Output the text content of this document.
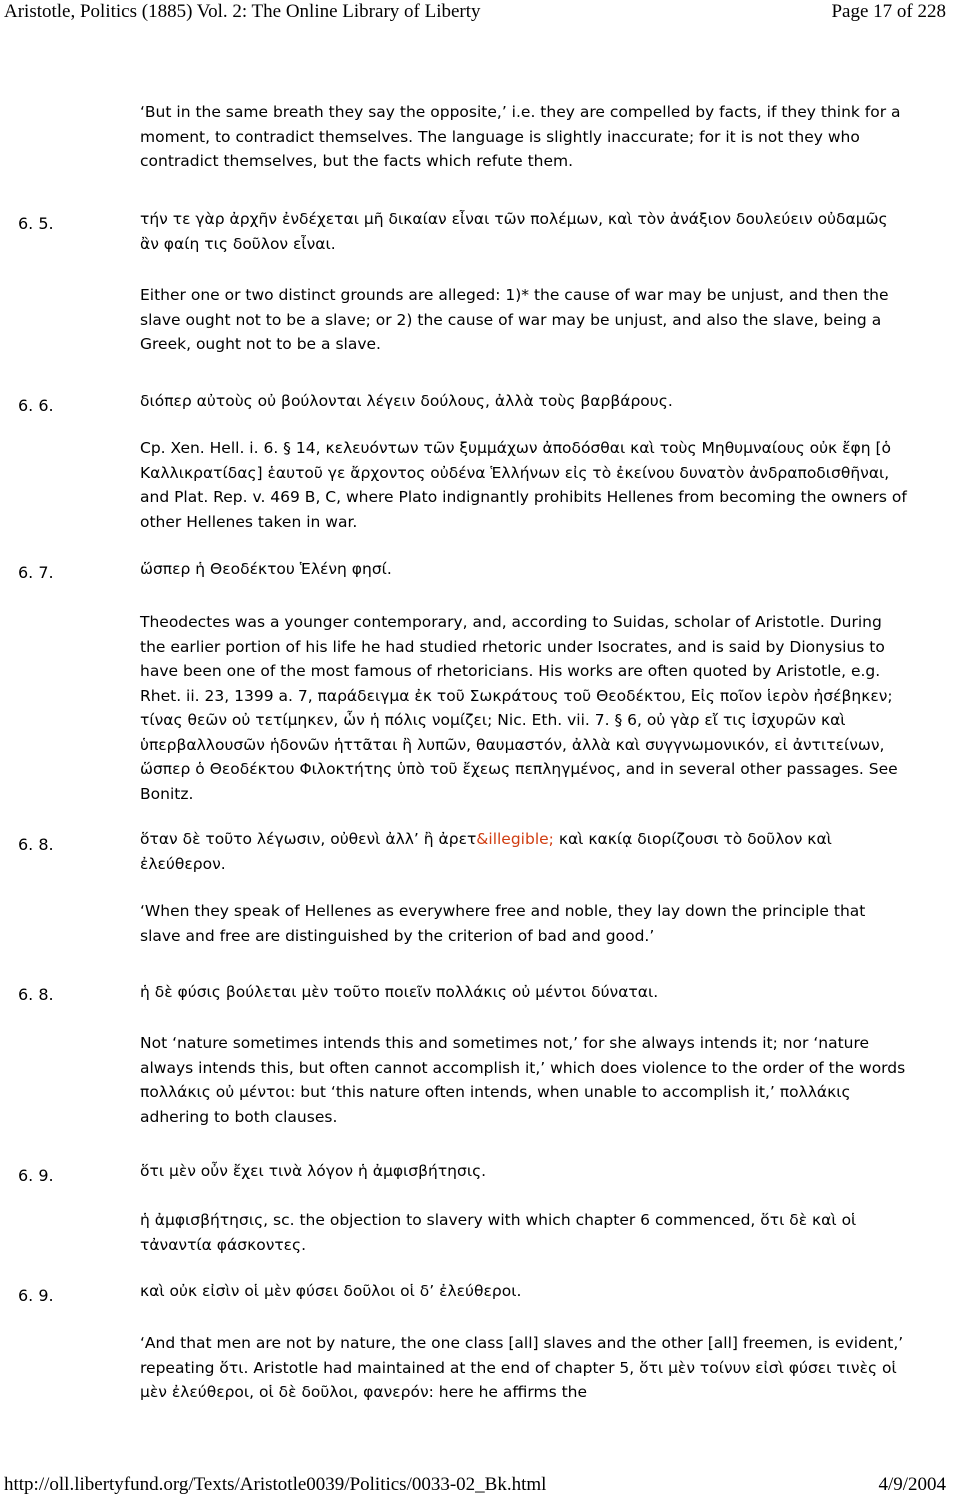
Aristotle, Politics (1885) Vol. 2: The Online Library of Liberty	Page 17 of 228

‘But in the same breath they say the opposite,’ i.e. they are compelled by facts, if they think for a moment, to contradict themselves. The language is slightly inaccurate; for it is not they who contradict themselves, but the facts which refute them.

6. 5.	τήν τε γὰρ ἀρχῆν ἐνδέχεται μῆ δικαίαν εἶναι τῶν πολέμων, καὶ τὸν ἀνάξιον δουλεύειν οὐδαμῶς ἂν φαίη τις δοῦλον εἶναι.

Either one or two distinct grounds are alleged: 1)* the cause of war may be unjust, and then the slave ought not to be a slave; or 2) the cause of war may be unjust, and also the slave, being a Greek, ought not to be a slave.

6. 6.	διόπερ αὐτοὺς οὐ βούλονται λέγειν δούλους, ἀλλὰ τοὺς βαρβάρους.

Cp. Xen. Hell. i. 6. § 14, κελευόντων τῶν ξυμμάχων ἀποδόσθαι καὶ τοὺς Μηθυμναίους οὐκ ἔφη [ὁ Καλλικρατίδας] ἑαυτοῦ γε ἄρχοντος οὐδένα Ἑλλήνων εἰς τὸ ἐκείνου δυνατὸν ἀνδραποδισθῆναι, and Plat. Rep. v. 469 B, C, where Plato indignantly prohibits Hellenes from becoming the owners of other Hellenes taken in war.

6. 7.	ὥσπερ ἡ Θεοδέκτου Ἑλένη φησί.

Theodectes was a younger contemporary, and, according to Suidas, scholar of Aristotle. During the earlier portion of his life he had studied rhetoric under Isocrates, and is said by Dionysius to have been one of the most famous of rhetoricians. His works are often quoted by Aristotle, e.g. Rhet. ii. 23, 1399 a. 7, παράδειγμα ἐκ τοῦ Σωκράτους τοῦ Θεοδέκτου, Εἰς ποῖον ἱερὸν ἠσέβηκεν; τίνας θεῶν οὐ τετίμηκεν, ὧν ἡ πόλις νομίζει; Nic. Eth. vii. 7. § 6, οὐ γὰρ εἴ τις ἰσχυρῶν καὶ ὑπερβαλλουσῶν ἡδονῶν ἡττᾶται ἢ λυπῶν, θαυμαστόν, ἀλλὰ καὶ συγγνωμονικόν, εἰ ἀντιτείνων, ὥσπερ ὁ Θεοδέκτου Φιλοκτήτης ὑπὸ τοῦ ἔχεως πεπληγμένος, and in several other passages. See Bonitz.

6. 8.	ὅταν δὲ τοῦτο λέγωσιν, οὐθενὶ ἀλλ’ ἢ ἀρετ&illegible; καὶ κακίᾳ διορίζουσι τὸ δοῦλον καὶ ἐλεύθερον.

‘When they speak of Hellenes as everywhere free and noble, they lay down the principle that slave and free are distinguished by the criterion of bad and good.’

6. 8.	ἡ δὲ φύσις βούλεται μὲν τοῦτο ποιεῖν πολλάκις οὐ μέντοι δύναται.

Not ‘nature sometimes intends this and sometimes not,’ for she always intends it; nor ‘nature always intends this, but often cannot accomplish it,’ which does violence to the order of the words πολλάκις οὐ μέντοι: but ‘this nature often intends, when unable to accomplish it,’ πολλάκις adhering to both clauses.

6. 9.	ὅτι μὲν οὖν ἔχει τινὰ λόγον ἡ ἀμφισβήτησις.

ἡ ἀμφισβήτησις, sc. the objection to slavery with which chapter 6 commenced, ὅτι δὲ καὶ οἱ τἀναντία φάσκοντες.

6. 9.	καὶ οὐκ εἰσὶν οἱ μὲν φύσει δοῦλοι οἱ δ’ ἐλεύθεροι.

‘And that men are not by nature, the one class [all] slaves and the other [all] freemen, is evident,’ repeating ὅτι. Aristotle had maintained at the end of chapter 5, ὅτι μὲν τοίνυν εἰσὶ φύσει τινὲς οἱ μὲν ἐλεύθεροι, οἱ δὲ δοῦλοι, φανερόν: here he affirms the

http://oll.libertyfund.org/Texts/Aristotle0039/Politics/0033-02_Bk.html	4/9/2004
